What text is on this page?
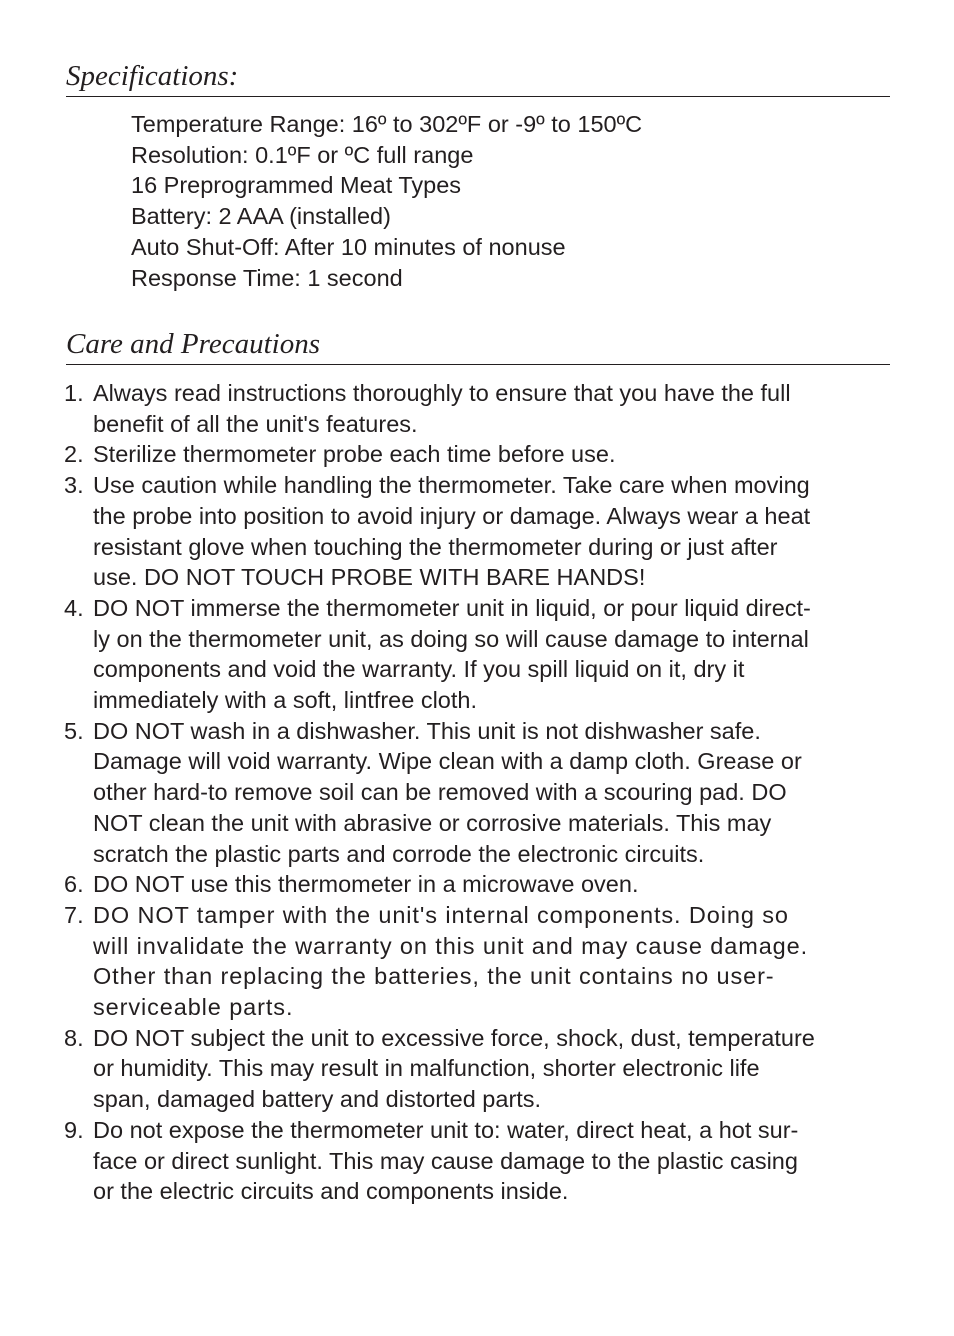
Specifications:
Temperature Range: 16º to 302ºF or -9º to 150ºC
Resolution: 0.1ºF or ºC full range
16 Preprogrammed Meat Types
Battery: 2 AAA (installed)
Auto Shut-Off: After 10 minutes of nonuse
Response Time: 1 second
Care and Precautions
1. Always read instructions thoroughly to ensure that you have the full
benefit of all the unit's features.
2. Sterilize thermometer probe each time before use.
3. Use caution while handling the thermometer. Take care when moving
the probe into position to avoid injury or damage. Always wear a heat
resistant glove when touching the thermometer during or just after
use. DO NOT TOUCH PROBE WITH BARE HANDS!
4. DO NOT immerse the thermometer unit in liquid, or pour liquid direct-
ly on the thermometer unit, as doing so will cause damage to internal
components and void the warranty. If you spill liquid on it, dry it
immediately with a soft, lintfree cloth.
5. DO NOT wash in a dishwasher. This unit is not dishwasher safe.
Damage will void warranty. Wipe clean with a damp cloth. Grease or
other hard-to remove soil can be removed with a scouring pad. DO
NOT clean the unit with abrasive or corrosive materials. This may
scratch the plastic parts and corrode the electronic circuits.
6. DO NOT use this thermometer in a microwave oven.
7. DO NOT tamper with the unit's internal components. Doing so
will invalidate the warranty on this unit and may cause damage.
Other than replacing the batteries, the unit contains no user-
serviceable parts.
8. DO NOT subject the unit to excessive force, shock, dust, temperature
or humidity. This may result in malfunction, shorter electronic life
span, damaged battery and distorted parts.
9. Do not expose the thermometer unit to: water, direct heat, a hot sur-
face or direct sunlight. This may cause damage to the plastic casing
or the electric circuits and components inside.
